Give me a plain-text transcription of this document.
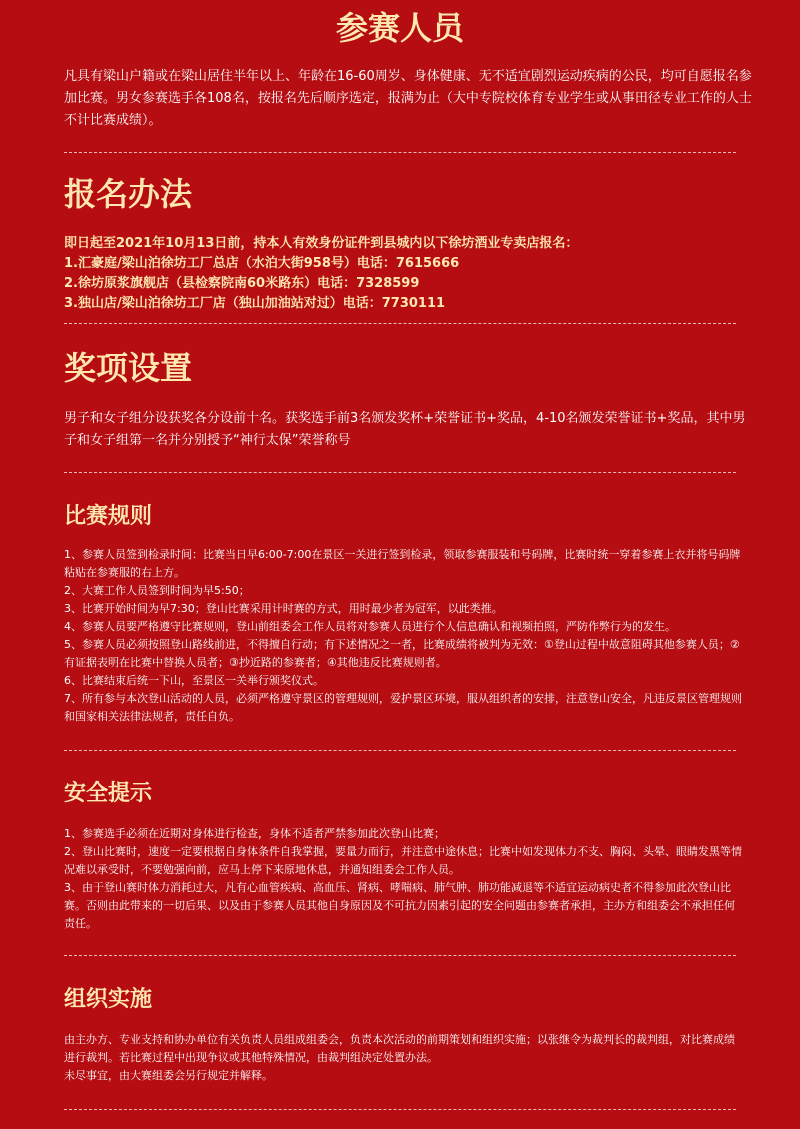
参赛人员

凡具有梁山户籍或在梁山居住半年以上、年龄在16-60周岁、身体健康、无不适宜剧烈运动疾病的公民，均可自愿报名参加比赛。男女参赛选手各108名，按报名先后顺序选定，报满为止（大中专院校体育专业学生或从事田径专业工作的人士不计比赛成绩）。

报名办法
即日起至2021年10月13日前，持本人有效身份证件到县城内以下徐坊酒业专卖店报名：
1.汇豪庭/梁山泊徐坊工厂总店（水泊大街958号）电话：7615666
2.徐坊原浆旗舰店（县检察院南60米路东）电话：7328599
3.独山店/梁山泊徐坊工厂店（独山加油站对过）电话：7730111
奖项设置

男子和女子组分设获奖各分设前十名。获奖选手前3名颁发奖杯+荣誉证书+奖品，4-10名颁发荣誉证书+奖品，其中男子和女子组第一名并分别授予“神行太保”荣誉称号

比赛规则
1、参赛人员签到检录时间：比赛当日早6:00-7:00在景区一关进行签到检录，领取参赛服装和号码牌，比赛时统一穿着参赛上衣并将号码牌粘贴在参赛服的右上方。
2、大赛工作人员签到时间为早5:50；
3、比赛开始时间为早7:30；登山比赛采用计时赛的方式，用时最少者为冠军，以此类推。
4、参赛人员要严格遵守比赛规则，登山前组委会工作人员将对参赛人员进行个人信息确认和视频拍照，严防作弊行为的发生。
5、参赛人员必须按照登山路线前进，不得擅自行动；有下述情况之一者，比赛成绩将被判为无效：①登山过程中故意阻碍其他参赛人员；②有证据表明在比赛中替换人员者；③抄近路的参赛者；④其他违反比赛规则者。
6、比赛结束后统一下山，至景区一关举行颁奖仪式。
7、所有参与本次登山活动的人员，必须严格遵守景区的管理规则，爱护景区环境，服从组织者的安排，注意登山安全，凡违反景区管理规则和国家相关法律法规者，责任自负。
安全提示
1、参赛选手必须在近期对身体进行检查，身体不适者严禁参加此次登山比赛；
2、登山比赛时，速度一定要根据自身体条件自我掌握，要量力而行，并注意中途休息；比赛中如发现体力不支、胸闷、头晕、眼睛发黑等情况难以承受时，不要勉强向前，应马上停下来原地休息，并通知组委会工作人员。
3、由于登山赛时体力消耗过大，凡有心血管疾病、高血压、肾病、哮喘病、肺气肿、肺功能减退等不适宜运动病史者不得参加此次登山比赛。否则由此带来的一切后果、以及由于参赛人员其他自身原因及不可抗力因素引起的安全问题由参赛者承担，主办方和组委会不承担任何责任。
组织实施
由主办方、专业支持和协办单位有关负责人员组成组委会，负责本次活动的前期策划和组织实施；以张继令为裁判长的裁判组，对比赛成绩进行裁判。若比赛过程中出现争议或其他特殊情况，由裁判组决定处置办法。
未尽事宜，由大赛组委会另行规定并解释。
